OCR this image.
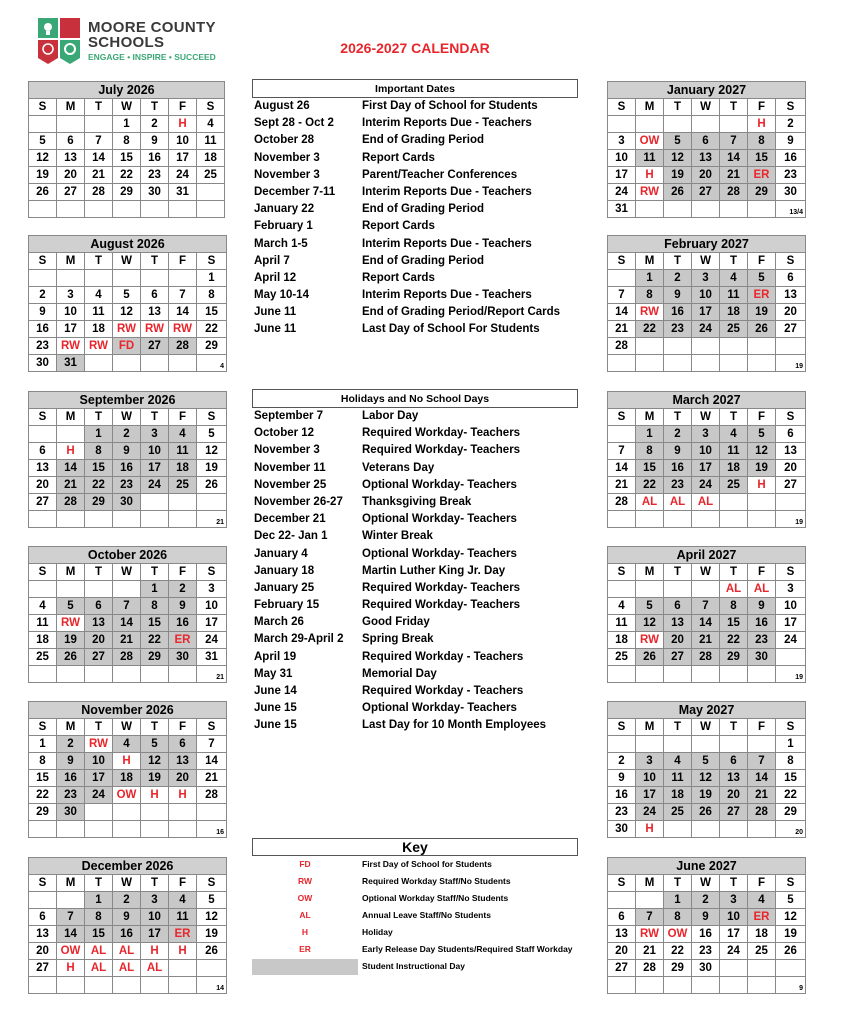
MOORE COUNTY
SCHOOLS
ENGAGE • INSPIRE • SUCCEED
2026-2027 CALENDAR
July 2026						
S	M	T	W	T	F	S
			1	2	H	4
5	6	7	8	9	10	11
12	13	14	15	16	17	18
19	20	21	22	23	24	25
26	27	28	29	30	31	

August 2026						
S	M	T	W	T	F	S
						1
2	3	4	5	6	7	8
9	10	11	12	13	14	15
16	17	18	RW	RW	RW	22
23	RW	RW	FD	27	28	29
30	31					4
September 2026						
S	M	T	W	T	F	S
		1	2	3	4	5
6	H	8	9	10	11	12
13	14	15	16	17	18	19
20	21	22	23	24	25	26
27	28	29	30			
						21
October 2026						
S	M	T	W	T	F	S
				1	2	3
4	5	6	7	8	9	10
11	RW	13	14	15	16	17
18	19	20	21	22	ER	24
25	26	27	28	29	30	31
						21
November 2026						
S	M	T	W	T	F	S
1	2	RW	4	5	6	7
8	9	10	H	12	13	14
15	16	17	18	19	20	21
22	23	24	OW	H	H	28
29	30					
						16
December 2026						
S	M	T	W	T	F	S
		1	2	3	4	5
6	7	8	9	10	11	12
13	14	15	16	17	ER	19
20	OW	AL	AL	H	H	26
27	H	AL	AL	AL		
						14
January 2027						
S	M	T	W	T	F	S
					H	2
3	OW	5	6	7	8	9
10	11	12	13	14	15	16
17	H	19	20	21	ER	23
24	RW	26	27	28	29	30
31						13/4
February 2027						
S	M	T	W	T	F	S
	1	2	3	4	5	6
7	8	9	10	11	ER	13
14	RW	16	17	18	19	20
21	22	23	24	25	26	27
28						
						19
March 2027						
S	M	T	W	T	F	S
	1	2	3	4	5	6
7	8	9	10	11	12	13
14	15	16	17	18	19	20
21	22	23	24	25	H	27
28	AL	AL	AL			
						19
April 2027						
S	M	T	W	T	F	S
				AL	AL	3
4	5	6	7	8	9	10
11	12	13	14	15	16	17
18	RW	20	21	22	23	24
25	26	27	28	29	30	
						19
May 2027						
S	M	T	W	T	F	S
						1
2	3	4	5	6	7	8
9	10	11	12	13	14	15
16	17	18	19	20	21	22
23	24	25	26	27	28	29
30	H					20
June 2027						
S	M	T	W	T	F	S
		1	2	3	4	5
6	7	8	9	10	ER	12
13	RW	OW	16	17	18	19
20	21	22	23	24	25	26
27	28	29	30			
						9
Important Dates
August 26	First Day of School for Students
Sept 28 - Oct 2 Interim Reports Due - Teachers
October 28	End of Grading Period
November 3	Report Cards
November 3	Parent/Teacher Conferences
December 7-11 Interim Reports Due - Teachers
January 22	End of Grading Period
February 1	Report Cards
March 1-5	Interim Reports Due - Teachers
April 7	End of Grading Period
April 12	Report Cards
May 10-14	Interim Reports Due - Teachers
June 11	End of Grading Period/Report Cards
June 11	Last Day of School For Students
Holidays and No School Days
September 7	Labor Day
October 12	Required Workday- Teachers
November 3	Required Workday- Teachers
November 11	Veterans Day
November 25	Optional Workday- Teachers
November 26-27 Thanksgiving Break
December 21	Optional Workday- Teachers
Dec 22- Jan 1	Winter Break
January 4	Optional Workday- Teachers
January 18	Martin Luther King Jr. Day
January 25	Required Workday- Teachers
February 15	Required Workday- Teachers
March 26	Good Friday
March 29-April 2 Spring Break
April 19	Required Workday - Teachers
May 31	Memorial Day
June 14	Required Workday - Teachers
June 15	Optional Workday- Teachers
June 15	Last Day for 10 Month Employees
Key
FD	First Day of School for Students
RW	Required Workday Staff/No Students
OW	Optional Workday Staff/No Students
AL	Annual Leave Staff/No Students
H	Holiday
ER	Early Release Day Students/Required Staff Workday
Student Instructional Day
